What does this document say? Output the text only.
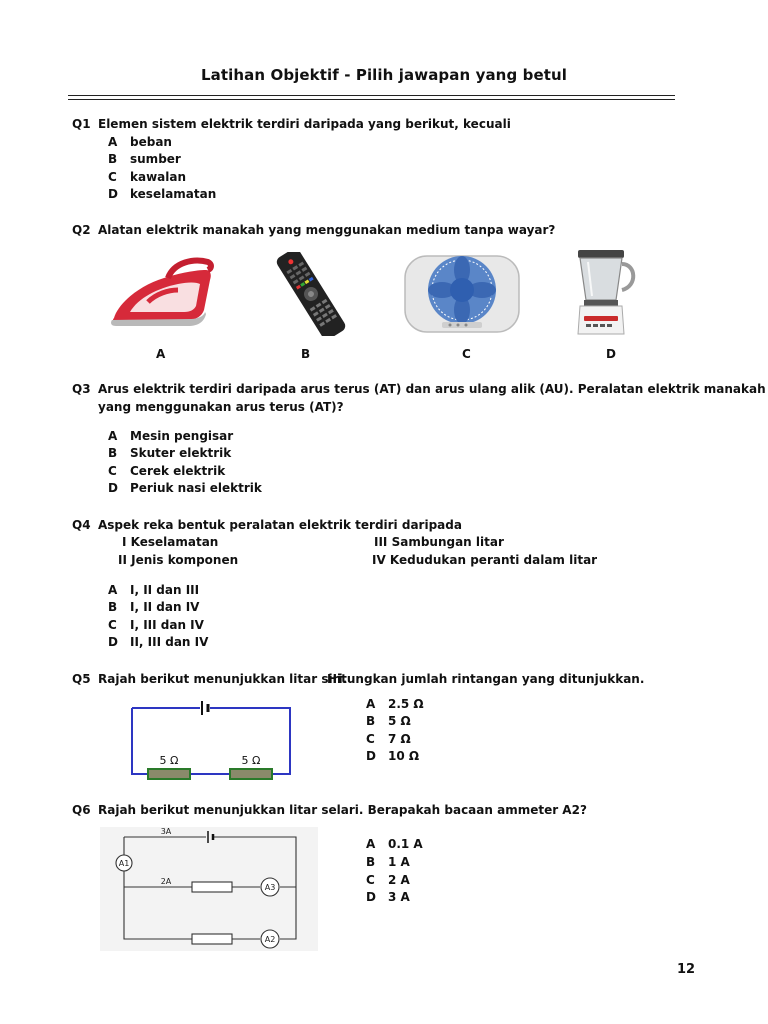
Latihan Objektif - Pilih jawapan yang betul
Q1 Elemen sistem elektrik terdiri daripada yang berikut, kecuali
A beban
B sumber
C kawalan
D keselamatan
Q2 Alatan elektrik manakah yang menggunakan medium tanpa wayar?
A	B	C	D
Q3 Arus elektrik terdiri daripada arus terus (AT) dan arus ulang alik (AU). Peralatan elektrik manakah
yang menggunakan arus terus (AT)?
A Mesin pengisar
B Skuter elektrik
C Cerek elektrik
D Periuk nasi elektrik
Q4 Aspek reka bentuk peralatan elektrik terdiri daripada
I Keselamatan
II Jenis komponen
III Sambungan litar
IV Kedudukan peranti dalam litar
A I, II dan III
B I, II dan IV
C I, III dan IV
D II, III dan IV
Q5 Rajah berikut menunjukkan litar siri.
Hitungkan jumlah rintangan yang ditunjukkan.
5 Ω	5 Ω
A 2.5 Ω
B 5 Ω
C 7 Ω
D 10 Ω
Q6 Rajah berikut menunjukkan litar selari. Berapakah bacaan ammeter A2?
A1
A3
A2
3A
2A
A 0.1 A
B 1 A
C 2 A
D 3 A
12
